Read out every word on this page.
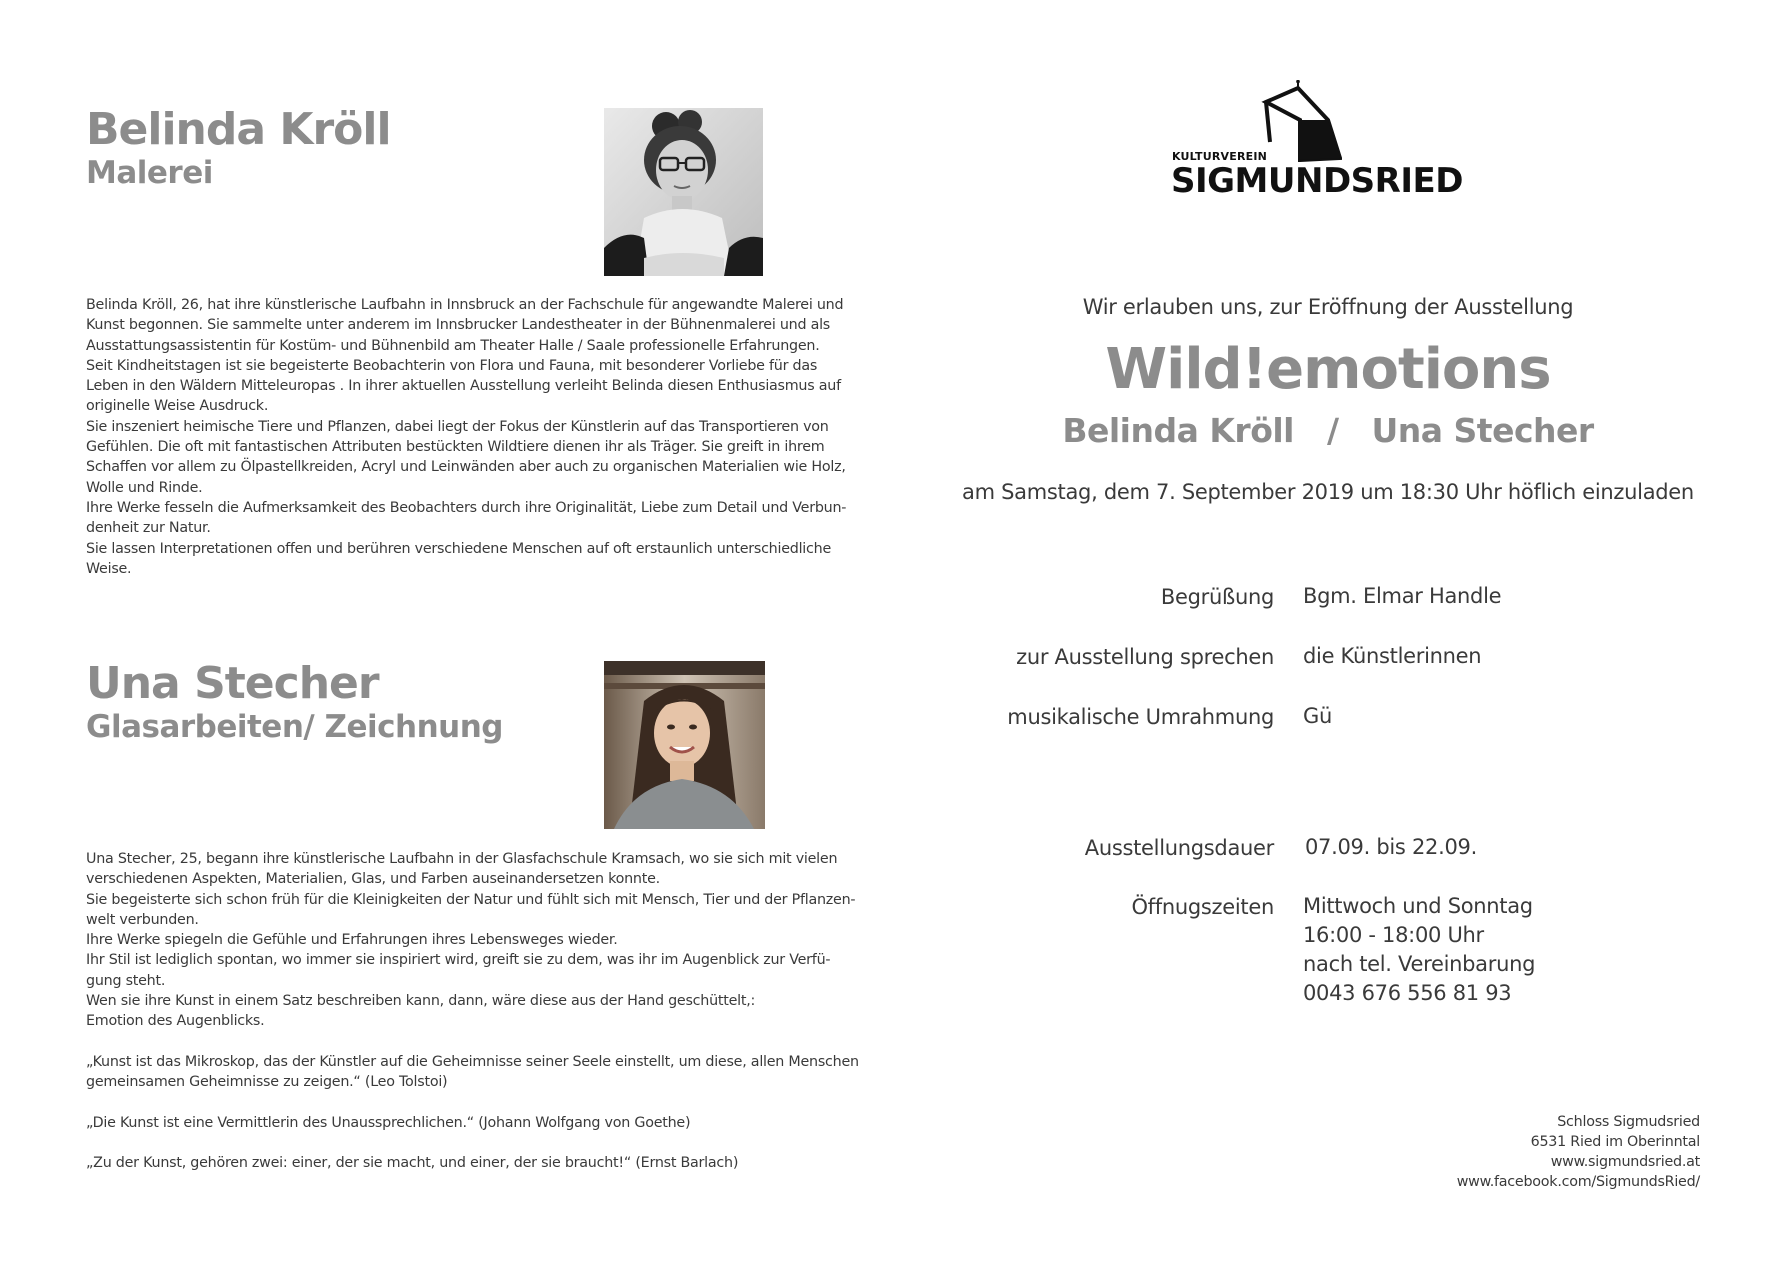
Belinda Kröll
Malerei
Belinda Kröll, 26, hat ihre künstlerische Laufbahn in Innsbruck an der Fachschule für angewandte Malerei und
Kunst begonnen. Sie sammelte unter anderem im Innsbrucker Landestheater in der Bühnenmalerei und als
Ausstattungsassistentin für Kostüm- und Bühnenbild am Theater Halle / Saale professionelle Erfahrungen.
Seit Kindheitstagen ist sie begeisterte Beobachterin von Flora und Fauna, mit besonderer Vorliebe für das
Leben in den Wäldern Mitteleuropas . In ihrer aktuellen Ausstellung verleiht Belinda diesen Enthusiasmus auf
originelle Weise Ausdruck.
Sie inszeniert heimische Tiere und Pflanzen, dabei liegt der Fokus der Künstlerin auf das Transportieren von
Gefühlen. Die oft mit fantastischen Attributen bestückten Wildtiere dienen ihr als Träger. Sie greift in ihrem
Schaffen vor allem zu Ölpastellkreiden, Acryl und Leinwänden aber auch zu organischen Materialien wie Holz,
Wolle und Rinde.
Ihre Werke fesseln die Aufmerksamkeit des Beobachters durch ihre Originalität, Liebe zum Detail und Verbun-
denheit zur Natur.
Sie lassen Interpretationen offen und berühren verschiedene Menschen auf oft erstaunlich unterschiedliche
Weise.
Una Stecher
Glasarbeiten/ Zeichnung
Una Stecher, 25, begann ihre künstlerische Laufbahn in der Glasfachschule Kramsach, wo sie sich mit vielen
verschiedenen Aspekten, Materialien, Glas, und Farben auseinandersetzen konnte.
Sie begeisterte sich schon früh für die Kleinigkeiten der Natur und fühlt sich mit Mensch, Tier und der Pflanzen-
welt verbunden.
Ihre Werke spiegeln die Gefühle und Erfahrungen ihres Lebensweges wieder.
Ihr Stil ist lediglich spontan, wo immer sie inspiriert wird, greift sie zu dem, was ihr im Augenblick zur Verfü-
gung steht.
Wen sie ihre Kunst in einem Satz beschreiben kann, dann, wäre diese aus der Hand geschüttelt,:
Emotion des Augenblicks.
„Kunst ist das Mikroskop, das der Künstler auf die Geheimnisse seiner Seele einstellt, um diese, allen Menschen
gemeinsamen Geheimnisse zu zeigen.“ (Leo Tolstoi)
„Die Kunst ist eine Vermittlerin des Unaussprechlichen.“ (Johann Wolfgang von Goethe)
„Zu der Kunst, gehören zwei: einer, der sie macht, und einer, der sie braucht!“ (Ernst Barlach)
KULTURVEREIN
SIGMUNDSRIED
Wir erlauben uns, zur Eröffnung der Ausstellung
Wild!emotions
Belinda Kröll   /   Una Stecher
am Samstag, dem 7. September 2019 um 18:30 Uhr höflich einzuladen
Begrüßung Bgm. Elmar Handle
zur Ausstellung sprechen die Künstlerinnen
musikalische Umrahmung Gü
Ausstellungsdauer 07.09. bis 22.09.
Öffnugszeiten Mittwoch und Sonntag
16:00 - 18:00 Uhr
nach tel. Vereinbarung
0043 676 556 81 93
Schloss Sigmudsried
6531 Ried im Oberinntal
www.sigmundsried.at
www.facebook.com/SigmundsRied/
